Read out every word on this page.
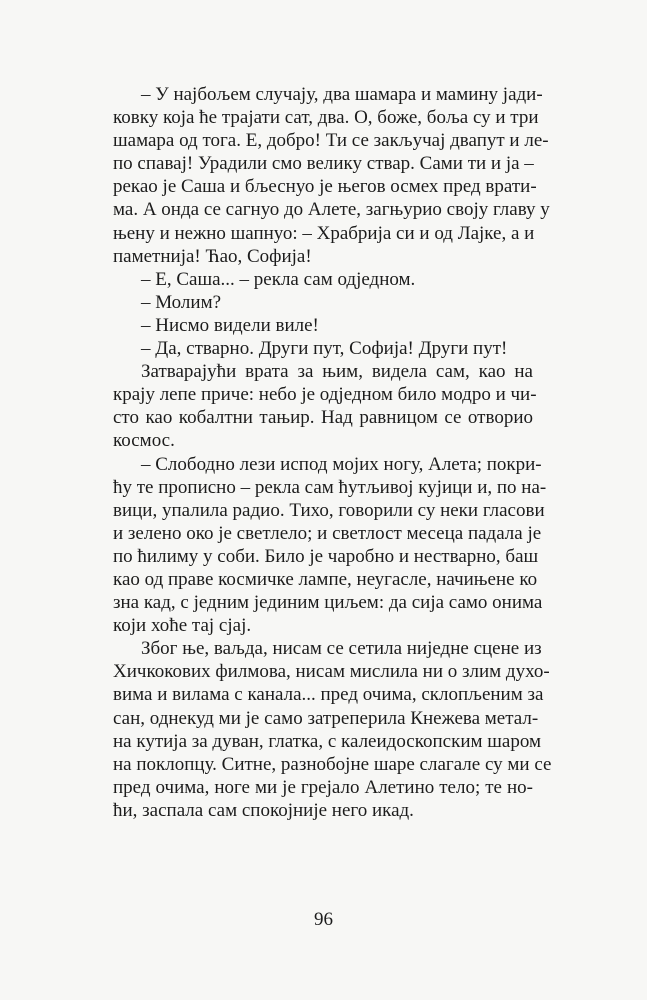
– У најбољем случају, два шамара и мамину јади-
ковку која ће трајати сат, два. О, боже, боља су и три
шамара од тога. Е, добро! Ти се закључај двапут и ле-
по спавај! Урадили смо велику ствар. Сами ти и ја –
рекао је Саша и бљеснуо је његов осмех пред врати-
ма. А онда се сагнуо до Алете, загњурио своју главу у
њену и нежно шапнуо: – Храбрија си и од Лајке, а и
паметнија! Ћао, Софија!
– Е, Саша... – рекла сам одједном.
– Молим?
– Нисмо видели виле!
– Да, стварно. Други пут, Софија! Други пут!
Затварајући врата за њим, видела сам, као на
крају лепе приче: небо је одједном било модро и чи-
сто као кобалтни тањир. Над равницом се отворио
космос.
– Слободно лези испод мојих ногу, Алета; покри-
ћу те прописно – рекла сам ћутљивој кујици и, по на-
вици, упалила радио. Тихо, говорили су неки гласови
и зелено око је светлело; и светлост месеца падала је
по ћилиму у соби. Било је чаробно и нестварно, баш
као од праве космичке лампе, неугасле, начињене ко
зна кад, с једним јединим циљем: да сија само онима
који хоће тај сјај.
Због ње, ваљда, нисам се сетила ниједне сцене из
Хичкокових филмова, нисам мислила ни о злим духо-
вима и вилама с канала... пред очима, склопљеним за
сан, однекуд ми је само затреперила Кнежева метал-
на кутија за дуван, глатка, с калеидоскопским шаром
на поклопцу. Ситне, разнобојне шаре слагале су ми се
пред очима, ноге ми је грејало Алетино тело; те но-
ћи, заспала сам спокојније него икад.
96
